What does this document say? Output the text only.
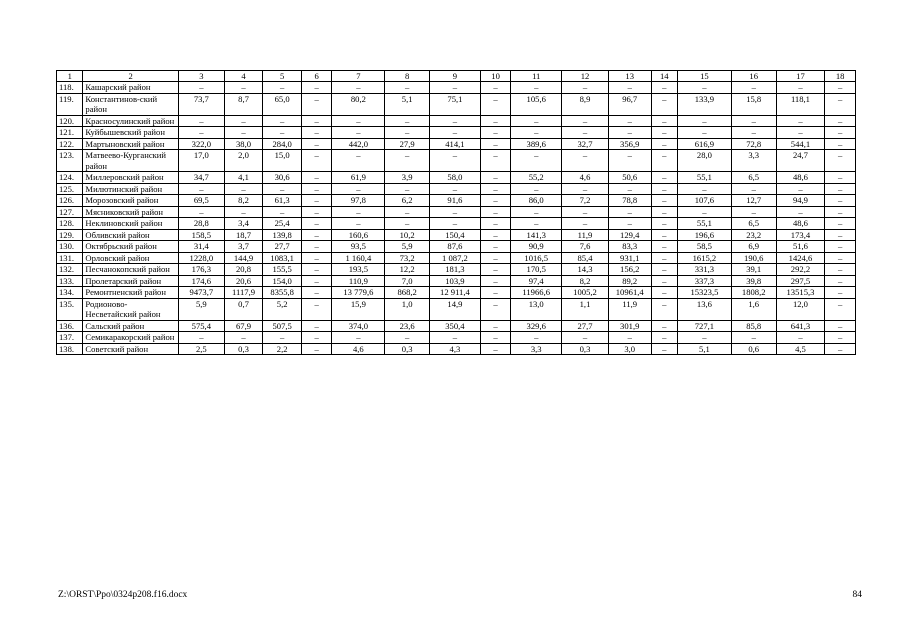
1	2	3	4	5	6	7	8	9	10	11	12	13	14	15	16	17	18
118.	Кашарский район	–	–	–	–	–	–	–	–	–	–	–	–	–	–	–	–
119.	Константинов-ский район	73,7	8,7	65,0	–	80,2	5,1	75,1	–	105,6	8,9	96,7	–	133,9	15,8	118,1	–
120.	Красносулинский район	–	–	–	–	–	–	–	–	–	–	–	–	–	–	–	–
121.	Куйбышевский район	–	–	–	–	–	–	–	–	–	–	–	–	–	–	–	–
122.	Мартыновский район	322,0	38,0	284,0	–	442,0	27,9	414,1	–	389,6	32,7	356,9	–	616,9	72,8	544,1	–
123.	Матвеево-Курганский район	17,0	2,0	15,0	–	–	–	–	–	–	–	–	–	28,0	3,3	24,7	–
124.	Миллеровский район	34,7	4,1	30,6	–	61,9	3,9	58,0	–	55,2	4,6	50,6	–	55,1	6,5	48,6	–
125.	Милютинский район	–	–	–	–	–	–	–	–	–	–	–	–	–	–	–	–
126.	Морозовский район	69,5	8,2	61,3	–	97,8	6,2	91,6	–	86,0	7,2	78,8	–	107,6	12,7	94,9	–
127.	Мясниковский район	–	–	–	–	–	–	–	–	–	–	–	–	–	–	–	–
128.	Неклиновский район	28,8	3,4	25,4	–	–	–	–	–	–	–	–	–	55,1	6,5	48,6	–
129.	Обливский район	158,5	18,7	139,8	–	160,6	10,2	150,4	–	141,3	11,9	129,4	–	196,6	23,2	173,4	–
130.	Октябрьский район	31,4	3,7	27,7	–	93,5	5,9	87,6	–	90,9	7,6	83,3	–	58,5	6,9	51,6	–
131.	Орловский район	1228,0	144,9	1083,1	–	1 160,4	73,2	1 087,2	–	1016,5	85,4	931,1	–	1615,2	190,6	1424,6	–
132.	Песчанокопский район	176,3	20,8	155,5	–	193,5	12,2	181,3	–	170,5	14,3	156,2	–	331,3	39,1	292,2	–
133.	Пролетарский район	174,6	20,6	154,0	–	110,9	7,0	103,9	–	97,4	8,2	89,2	–	337,3	39,8	297,5	–
134.	Ремонтненский район	9473,7	1117,9	8355,8	–	13 779,6	868,2	12 911,4	–	11966,6	1005,2	10961,4	–	15323,5	1808,2	13515,3	–
135.	Родионово-Несветайский район	5,9	0,7	5,2	–	15,9	1,0	14,9	–	13,0	1,1	11,9	–	13,6	1,6	12,0	–
136.	Сальский район	575,4	67,9	507,5	–	374,0	23,6	350,4	–	329,6	27,7	301,9	–	727,1	85,8	641,3	–
137.	Семикаракорский район	–	–	–	–	–	–	–	–	–	–	–	–	–	–	–	–
138.	Советский район	2,5	0,3	2,2	–	4,6	0,3	4,3	–	3,3	0,3	3,0	–	5,1	0,6	4,5	–
Z:\ORST\Ppo\0324p208.f16.docx	84
